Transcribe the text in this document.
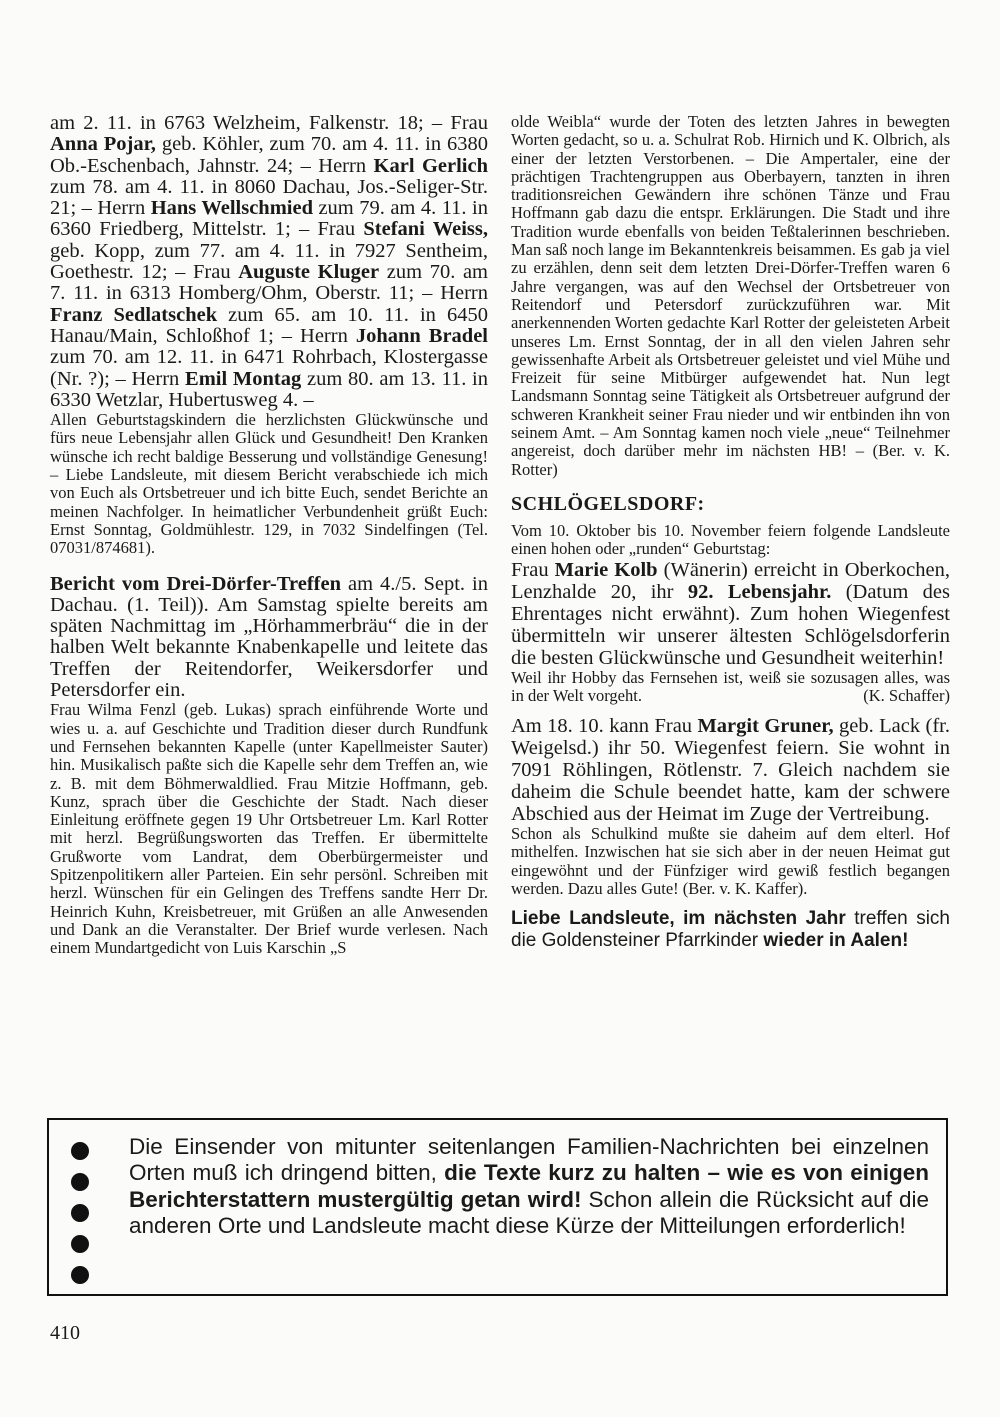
am 2. 11. in 6763 Welzheim, Falkenstr. 18; – Frau Anna Pojar, geb. Köhler, zum 70. am 4. 11. in 6380 Ob.-Eschenbach, Jahnstr. 24; – Herrn Karl Gerlich zum 78. am 4. 11. in 8060 Dachau, Jos.-Seliger-Str. 21; – Herrn Hans Wellschmied zum 79. am 4. 11. in 6360 Friedberg, Mittelstr. 1; – Frau Stefani Weiss, geb. Kopp, zum 77. am 4. 11. in 7927 Sentheim, Goethestr. 12; – Frau Auguste Kluger zum 70. am 7. 11. in 6313 Homberg/Ohm, Oberstr. 11; – Herrn Franz Sedlatschek zum 65. am 10. 11. in 6450 Hanau/Main, Schloßhof 1; – Herrn Johann Bradel zum 70. am 12. 11. in 6471 Rohrbach, Klostergasse (Nr. ?); – Herrn Emil Montag zum 80. am 13. 11. in 6330 Wetzlar, Hubertusweg 4. –

Allen Geburtstagskindern die herzlichsten Glückwünsche und fürs neue Lebensjahr allen Glück und Gesundheit! Den Kranken wünsche ich recht baldige Besserung und vollständige Genesung! – Liebe Landsleute, mit diesem Bericht verabschiede ich mich von Euch als Ortsbetreuer und ich bitte Euch, sendet Berichte an meinen Nachfolger. In heimatlicher Verbundenheit grüßt Euch: Ernst Sonntag, Goldmühlestr. 129, in 7032 Sindelfingen (Tel. 07031/874681).

Bericht vom Drei-Dörfer-Treffen am 4./5. Sept. in Dachau. (1. Teil)). Am Samstag spielte bereits am späten Nachmittag im „Hörhammerbräu“ die in der halben Welt bekannte Knabenkapelle und leitete das Treffen der Reitendorfer, Weikersdorfer und Petersdorfer ein.

Frau Wilma Fenzl (geb. Lukas) sprach einführende Worte und wies u. a. auf Geschichte und Tradition dieser durch Rundfunk und Fernsehen bekannten Kapelle (unter Kapellmeister Sauter) hin. Musikalisch paßte sich die Kapelle sehr dem Treffen an, wie z. B. mit dem Böhmerwaldlied. Frau Mitzie Hoffmann, geb. Kunz, sprach über die Geschichte der Stadt. Nach dieser Einleitung eröffnete gegen 19 Uhr Ortsbetreuer Lm. Karl Rotter mit herzl. Begrüßungsworten das Treffen. Er übermittelte Grußworte vom Landrat, dem Oberbürgermeister und Spitzenpolitikern aller Parteien. Ein sehr persönl. Schreiben mit herzl. Wünschen für ein Gelingen des Treffens sandte Herr Dr. Heinrich Kuhn, Kreisbetreuer, mit Grüßen an alle Anwesenden und Dank an die Veranstalter. Der Brief wurde verlesen. Nach einem Mundartgedicht von Luis Karschin „S

olde Weibla“ wurde der Toten des letzten Jahres in bewegten Worten gedacht, so u. a. Schulrat Rob. Hirnich und K. Olbrich, als einer der letzten Verstorbenen. – Die Ampertaler, eine der prächtigen Trachtengruppen aus Oberbayern, tanzten in ihren traditionsreichen Gewändern ihre schönen Tänze und Frau Hoffmann gab dazu die entspr. Erklärungen. Die Stadt und ihre Tradition wurde ebenfalls von beiden Teßtalerinnen beschrieben. Man saß noch lange im Bekanntenkreis beisammen. Es gab ja viel zu erzählen, denn seit dem letzten Drei-Dörfer-Treffen waren 6 Jahre vergangen, was auf den Wechsel der Ortsbetreuer von Reitendorf und Petersdorf zurückzuführen war. Mit anerkennenden Worten gedachte Karl Rotter der geleisteten Arbeit unseres Lm. Ernst Sonntag, der in all den vielen Jahren sehr gewissenhafte Arbeit als Ortsbetreuer geleistet und viel Mühe und Freizeit für seine Mitbürger aufgewendet hat. Nun legt Landsmann Sonntag seine Tätigkeit als Ortsbetreuer aufgrund der schweren Krankheit seiner Frau nieder und wir entbinden ihn von seinem Amt. – Am Sonntag kamen noch viele „neue“ Teilnehmer angereist, doch darüber mehr im nächsten HB! – (Ber. v. K. Rotter)

SCHLÖGELSDORF:

Vom 10. Oktober bis 10. November feiern folgende Landsleute einen hohen oder „runden“ Geburtstag:

Frau Marie Kolb (Wänerin) erreicht in Oberkochen, Lenzhalde 20, ihr 92. Lebensjahr. (Datum des Ehrentages nicht erwähnt). Zum hohen Wiegenfest übermitteln wir unserer ältesten Schlögelsdorferin die besten Glückwünsche und Gesundheit weiterhin!

Weil ihr Hobby das Fernsehen ist, weiß sie sozusagen alles, was in der Welt vorgeht.	(K. Schaffer)

Am 18. 10. kann Frau Margit Gruner, geb. Lack (fr. Weigelsd.) ihr 50. Wiegenfest feiern. Sie wohnt in 7091 Röhlingen, Rötlenstr. 7. Gleich nachdem sie daheim die Schule beendet hatte, kam der schwere Abschied aus der Heimat im Zuge der Vertreibung.

Schon als Schulkind mußte sie daheim auf dem elterl. Hof mithelfen. Inzwischen hat sie sich aber in der neuen Heimat gut eingewöhnt und der Fünfziger wird gewiß festlich begangen werden. Dazu alles Gute! (Ber. v. K. Kaffer).

Liebe Landsleute, im nächsten Jahr treffen sich die Goldensteiner Pfarrkinder wieder in Aalen!

Die Einsender von mitunter seitenlangen Familien-Nachrichten bei einzelnen Orten muß ich dringend bitten, die Texte kurz zu halten – wie es von einigen Berichterstattern mustergültig getan wird! Schon allein die Rücksicht auf die anderen Orte und Landsleute macht diese Kürze der Mitteilungen erforderlich!
410
